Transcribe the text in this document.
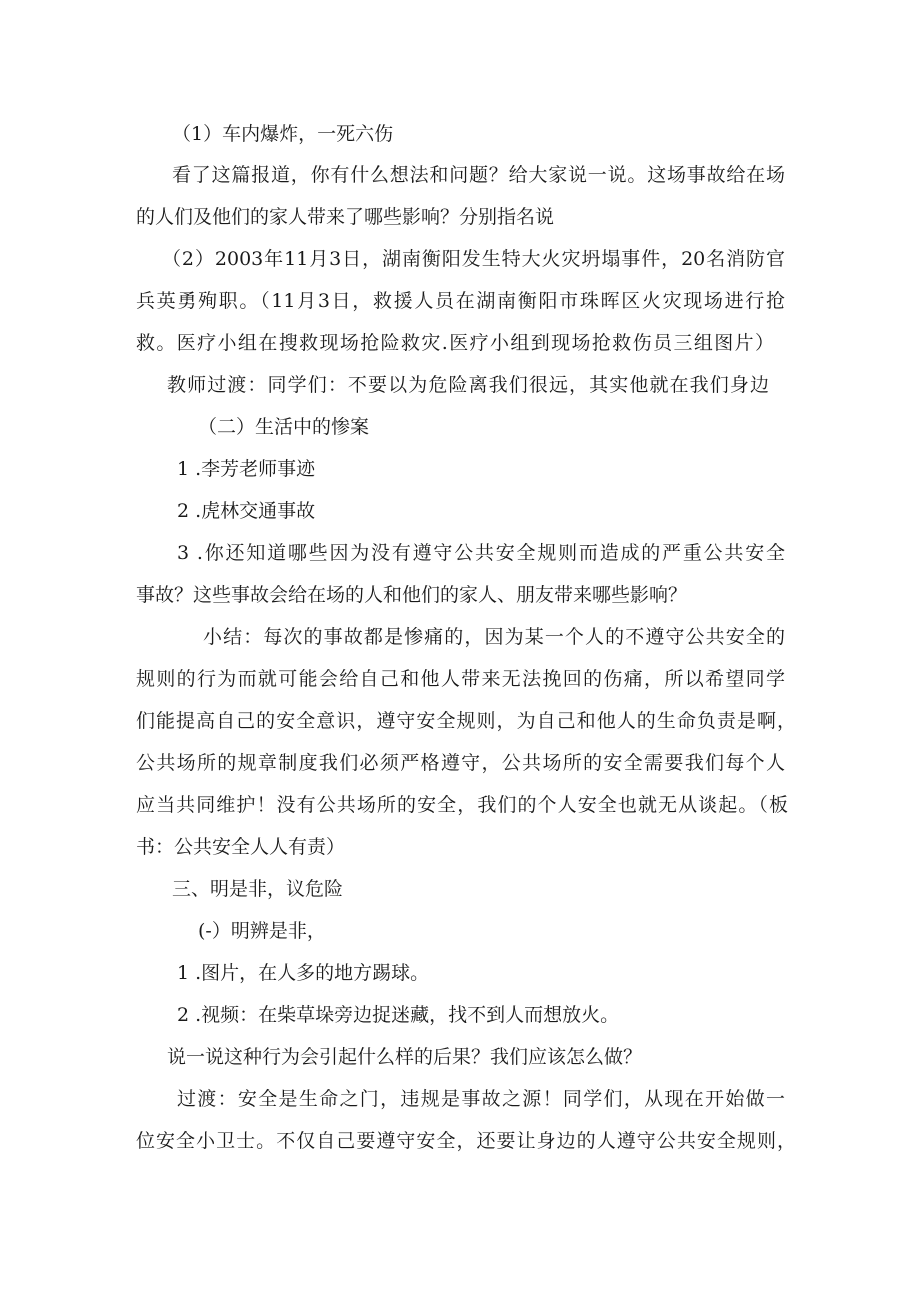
（1）车内爆炸，一死六伤
看了这篇报道，你有什么想法和问题？给大家说一说。这场事故给在场
的人们及他们的家人带来了哪些影响？分别指名说
（2）2003年11月3日，湖南衡阳发生特大火灾坍塌事件，20名消防官
兵英勇殉职。（11月3日，救援人员在湖南衡阳市珠晖区火灾现场进行抢
救。医疗小组在搜救现场抢险救灾.医疗小组到现场抢救伤员三组图片）
教师过渡：同学们：不要以为危险离我们很远，其实他就在我们身边
（二）生活中的惨案
1 .李芳老师事迹
2 .虎林交通事故
3 .你还知道哪些因为没有遵守公共安全规则而造成的严重公共安全
事故？这些事故会给在场的人和他们的家人、朋友带来哪些影响？
小结：每次的事故都是惨痛的，因为某一个人的不遵守公共安全的
规则的行为而就可能会给自己和他人带来无法挽回的伤痛，所以希望同学
们能提高自己的安全意识，遵守安全规则，为自己和他人的生命负责是啊，
公共场所的规章制度我们必须严格遵守，公共场所的安全需要我们每个人
应当共同维护！没有公共场所的安全，我们的个人安全也就无从谈起。（板
书：公共安全人人有责）
三、明是非，议危险
(-）明辨是非，
1 .图片，在人多的地方踢球。
2 .视频：在柴草垛旁边捉迷藏，找不到人而想放火。
说一说这种行为会引起什么样的后果？我们应该怎么做？
过渡：安全是生命之门，违规是事故之源！同学们，从现在开始做一
位安全小卫士。不仅自己要遵守安全，还要让身边的人遵守公共安全规则，
